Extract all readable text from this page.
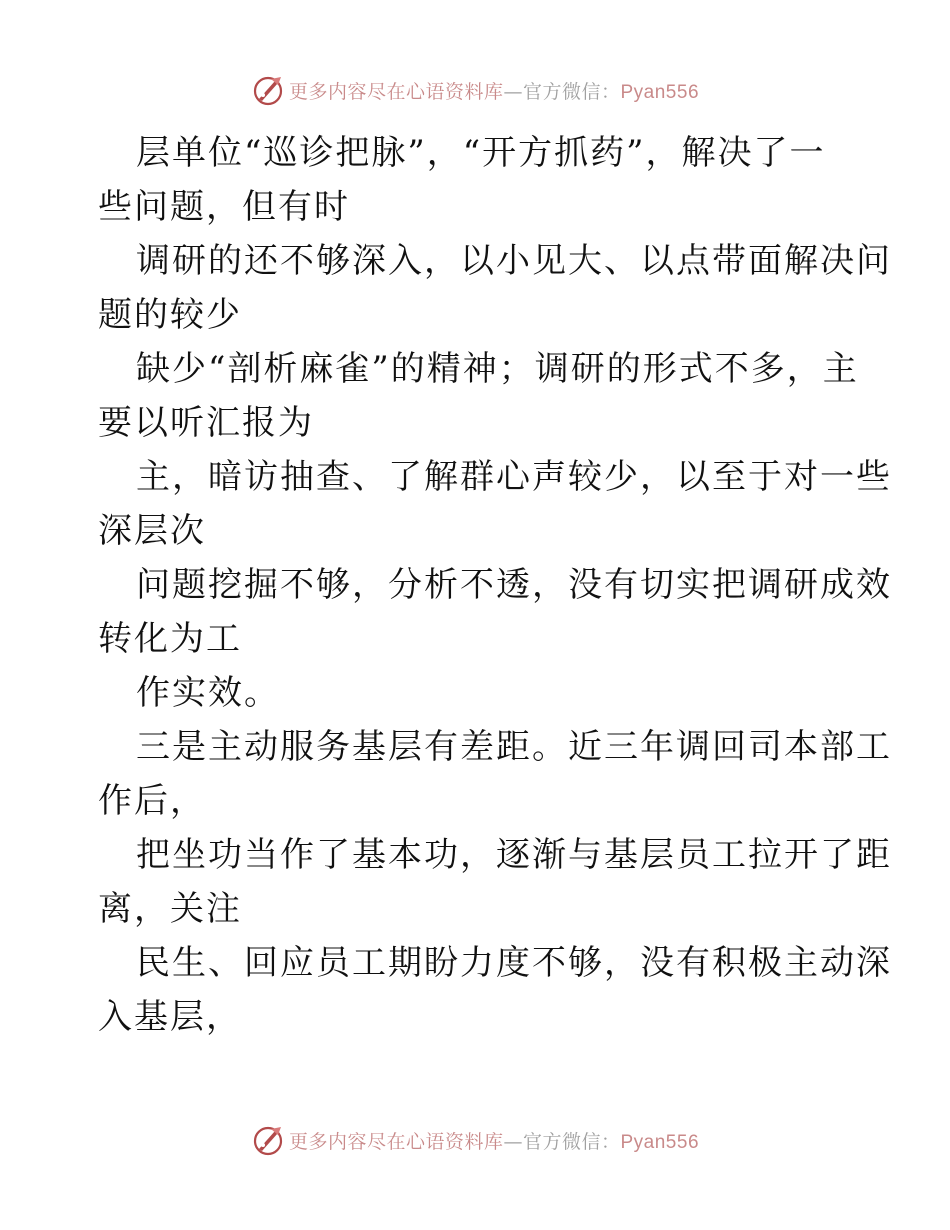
更多内容尽在心语资料库—官方微信：Pyan556

层单位“巡诊把脉”，“开方抓药”，解决了一
些问题，但有时

调研的还不够深入，以小见大、以点带面解决问
题的较少

缺少“剖析麻雀”的精神；调研的形式不多，主
要以听汇报为

主，暗访抽查、了解群心声较少，以至于对一些
深层次

问题挖掘不够，分析不透，没有切实把调研成效
转化为工

作实效。

三是主动服务基层有差距。近三年调回司本部工
作后，

把坐功当作了基本功，逐渐与基层员工拉开了距
离，关注

民生、回应员工期盼力度不够，没有积极主动深
入基层，

更多内容尽在心语资料库—官方微信：Pyan556
